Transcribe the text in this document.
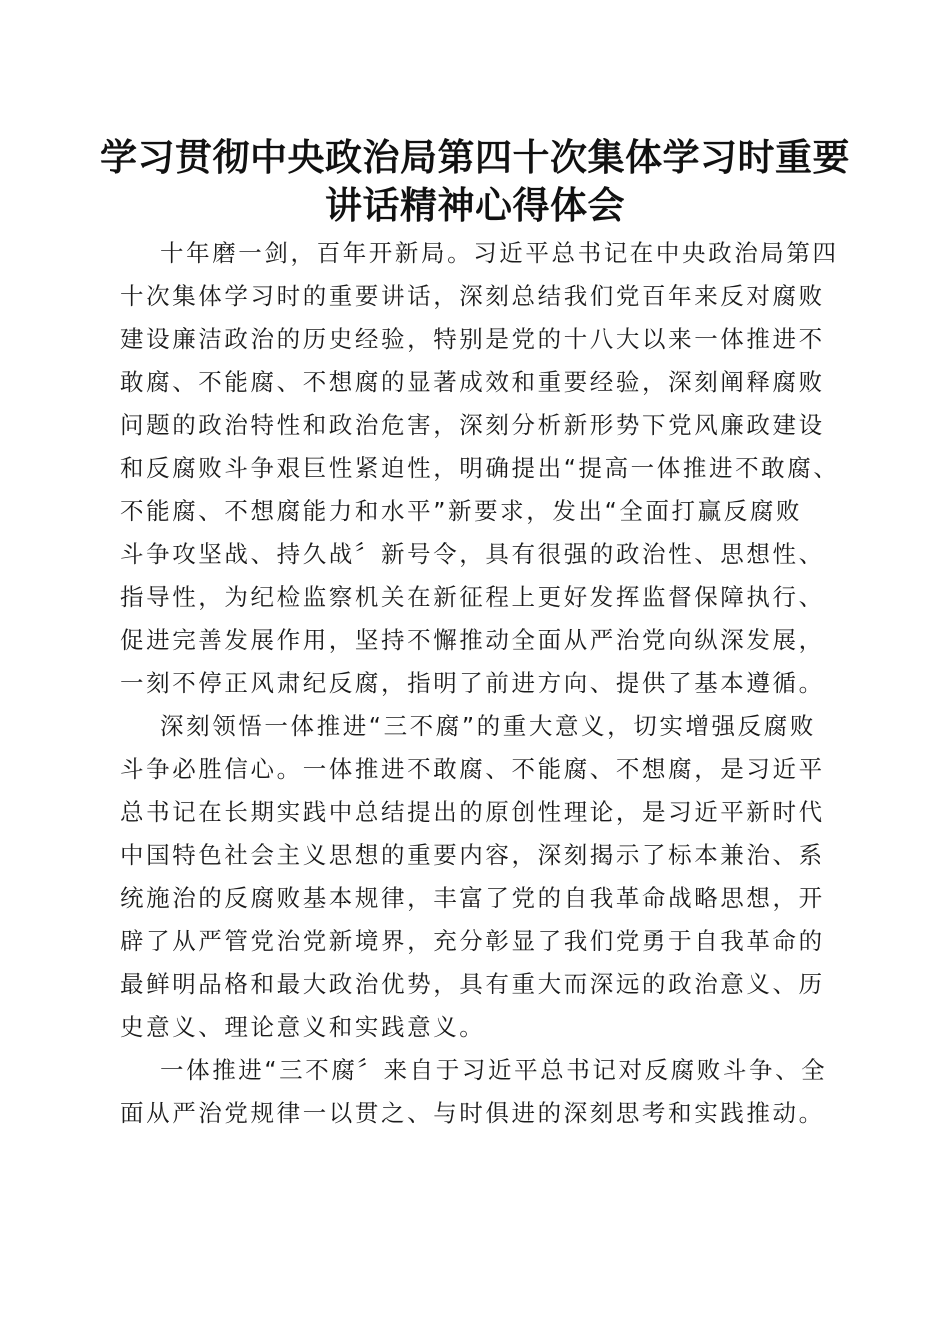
学习贯彻中央政治局第四十次集体学习时重要
讲话精神心得体会
十年磨一剑，百年开新局。习近平总书记在中央政治局第四
十次集体学习时的重要讲话，深刻总结我们党百年来反对腐败
建设廉洁政治的历史经验，特别是党的十八大以来一体推进不
敢腐、不能腐、不想腐的显著成效和重要经验，深刻阐释腐败
问题的政治特性和政治危害，深刻分析新形势下党风廉政建设
和反腐败斗争艰巨性紧迫性，明确提出“提高一体推进不敢腐、
不能腐、不想腐能力和水平”新要求，发出“全面打赢反腐败
斗争攻坚战、持久战〞新号令，具有很强的政治性、思想性、
指导性，为纪检监察机关在新征程上更好发挥监督保障执行、
促进完善发展作用，坚持不懈推动全面从严治党向纵深发展，
一刻不停正风肃纪反腐，指明了前进方向、提供了基本遵循。
深刻领悟一体推进“三不腐”的重大意义，切实增强反腐败
斗争必胜信心。一体推进不敢腐、不能腐、不想腐，是习近平
总书记在长期实践中总结提出的原创性理论，是习近平新时代
中国特色社会主义思想的重要内容，深刻揭示了标本兼治、系
统施治的反腐败基本规律，丰富了党的自我革命战略思想，开
辟了从严管党治党新境界，充分彰显了我们党勇于自我革命的
最鲜明品格和最大政治优势，具有重大而深远的政治意义、历
史意义、理论意义和实践意义。
一体推进“三不腐〞来自于习近平总书记对反腐败斗争、全
面从严治党规律一以贯之、与时俱进的深刻思考和实践推动。
